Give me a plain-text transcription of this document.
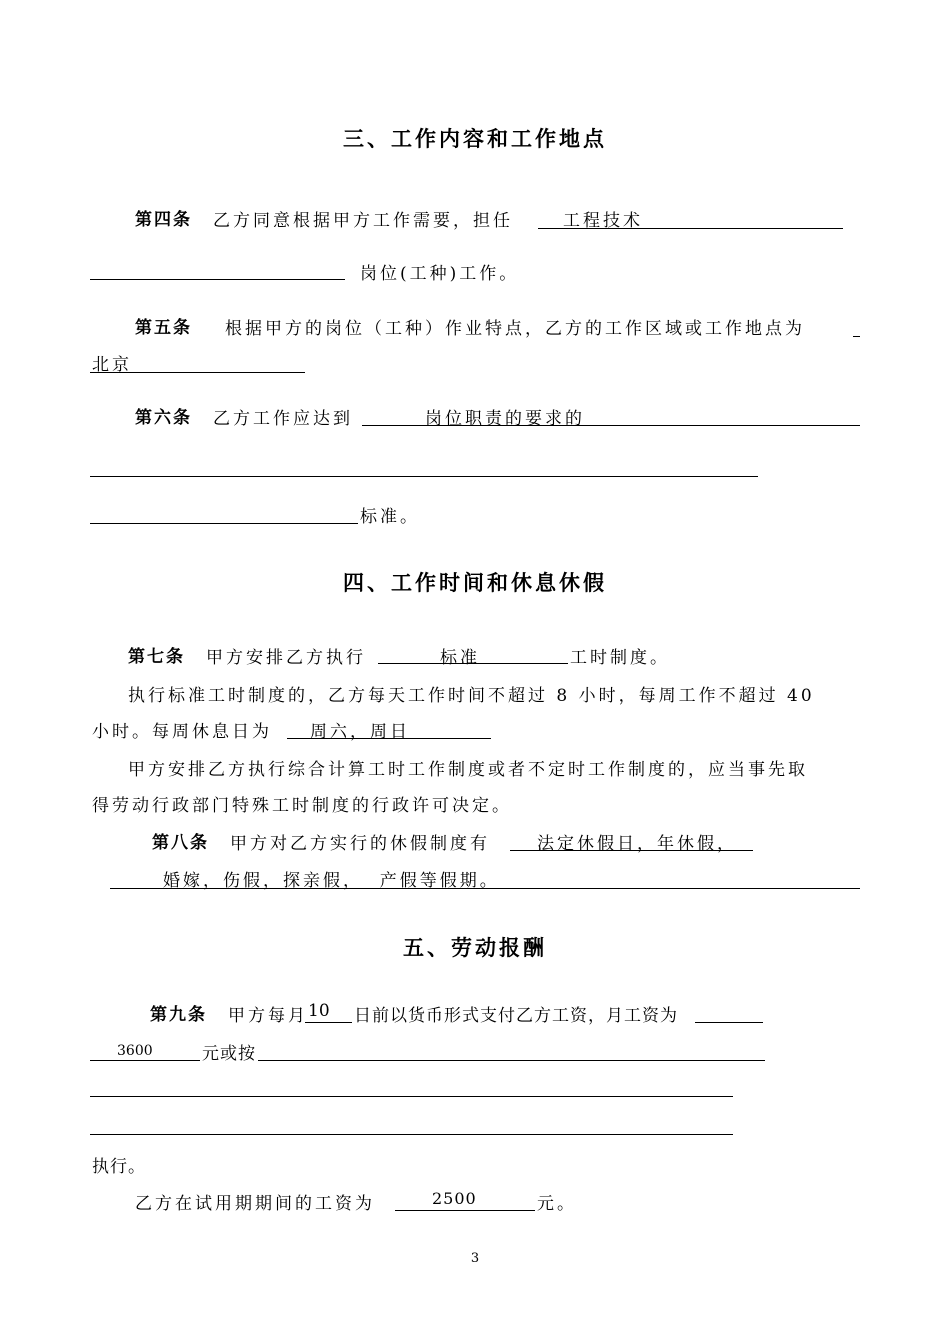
三、工作内容和工作地点
第四条 乙方同意根据甲方工作需要，担任	工程技术
岗位(工种)工作。
第五条 根据甲方的岗位（工种）作业特点，乙方的工作区域或工作地点为
北京
第六条 乙方工作应达到	岗位职责的要求的
标准。
四、工作时间和休息休假
第七条 甲方安排乙方执行	标准	工时制度。
执行标准工时制度的，乙方每天工作时间不超过 8 小时，每周工作不超过 40
小时。每周休息日为 周六，周日
甲方安排乙方执行综合计算工时工作制度或者不定时工作制度的，应当事先取
得劳动行政部门特殊工时制度的行政许可决定。
第八条 甲方对乙方实行的休假制度有	法定休假日，年休假，
婚嫁，伤假，探亲假，  产假等假期。
五、劳动报酬
第九条 甲方每月 10 日前以货币形式支付乙方工资，月工资为
3600	元或按
执行。
乙方在试用期期间的工资为	2500	元。
3
